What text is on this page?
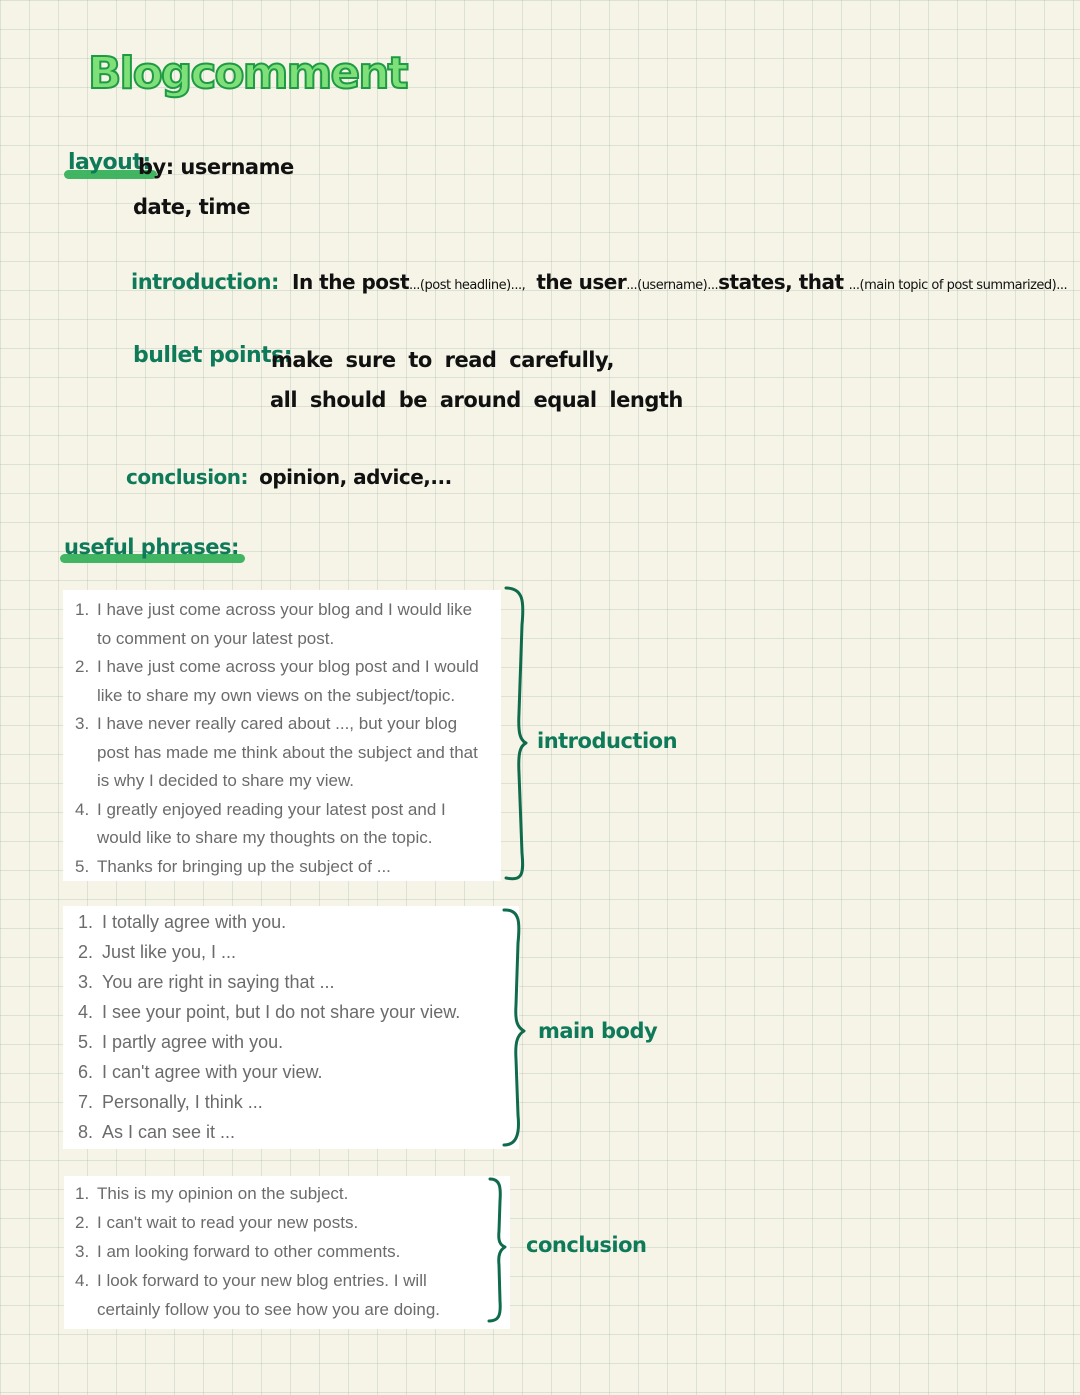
Blogcomment
layout:
by: username
date, time
introduction: In the post...(post headline)..., the user...(username)...states, that ...(main topic of post summarized)...
bullet points:
make sure to read carefully,
all should be around equal length
conclusion: opinion, advice,...
useful phrases:
1. I have just come across your blog and I would like
to comment on your latest post.
2. I have just come across your blog post and I would
like to share my own views on the subject/topic.
3. I have never really cared about ..., but your blog
post has made me think about the subject and that
is why I decided to share my view.
4. I greatly enjoyed reading your latest post and I
would like to share my thoughts on the topic.
5. Thanks for bringing up the subject of ...
introduction
1. I totally agree with you.
2. Just like you, I ...
3. You are right in saying that ...
4. I see your point, but I do not share your view.
5. I partly agree with you.
6. I can't agree with your view.
7. Personally, I think ...
8. As I can see it ...
main body
1. This is my opinion on the subject.
2. I can't wait to read your new posts.
3. I am looking forward to other comments.
4. I look forward to your new blog entries. I will
certainly follow you to see how you are doing.
conclusion
